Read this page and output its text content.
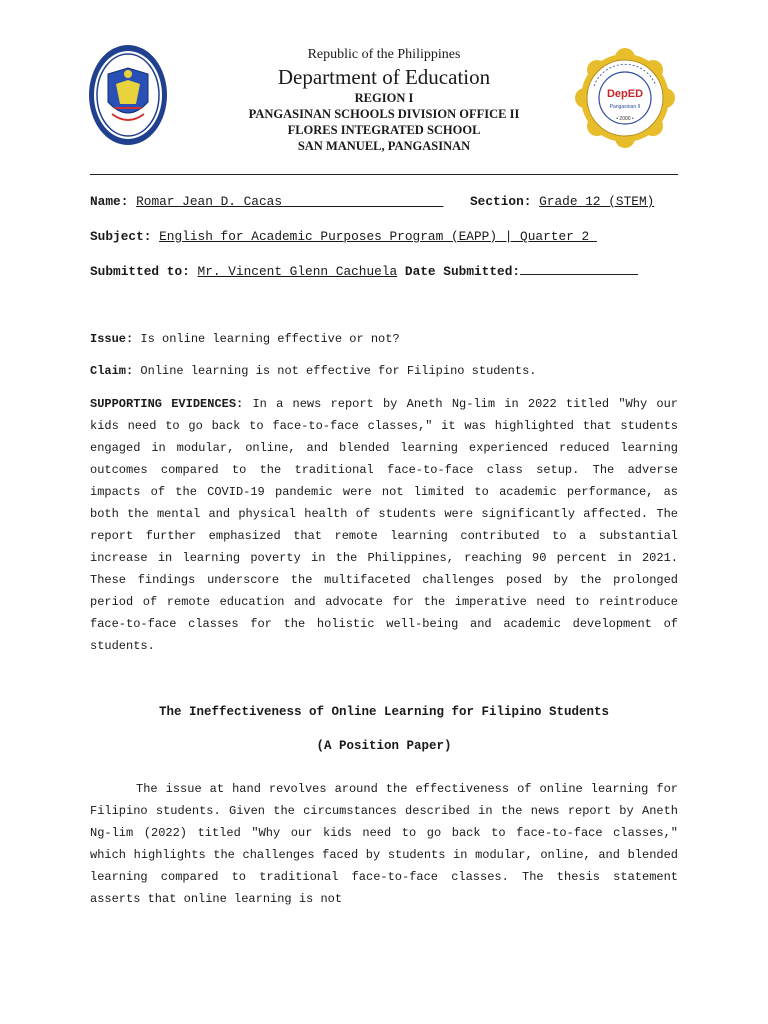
DepED
Pangasinan II
• 2000 •
Republic of the Philippines
Department of Education
REGION I
PANGASINAN SCHOOLS DIVISION OFFICE II
FLORES INTEGRATED SCHOOL
SAN MANUEL, PANGASINAN
Name: Romar Jean D. Cacas_____________________ Section: Grade 12 (STEM)
Subject: English for Academic Purposes Program (EAPP) | Quarter 2_
Submitted to: Mr. Vincent Glenn Cachuela Date Submitted:
Issue: Is online learning effective or not?
Claim: Online learning is not effective for Filipino students.
SUPPORTING EVIDENCES: In a news report by Aneth Ng-lim in 2022 titled "Why our kids need to go back to face-to-face classes," it was highlighted that students engaged in modular, online, and blended learning experienced reduced learning outcomes compared to the traditional face-to-face class setup. The adverse impacts of the COVID-19 pandemic were not limited to academic performance, as both the mental and physical health of students were significantly affected. The report further emphasized that remote learning contributed to a substantial increase in learning poverty in the Philippines, reaching 90 percent in 2021. These findings underscore the multifaceted challenges posed by the prolonged period of remote education and advocate for the imperative need to reintroduce face-to-face classes for the holistic well-being and academic development of students.
The Ineffectiveness of Online Learning for Filipino Students
(A Position Paper)
The issue at hand revolves around the effectiveness of online learning for Filipino students. Given the circumstances described in the news report by Aneth Ng-lim (2022) titled "Why our kids need to go back to face-to-face classes," which highlights the challenges faced by students in modular, online, and blended learning compared to traditional face-to-face classes. The thesis statement asserts that online learning is not
